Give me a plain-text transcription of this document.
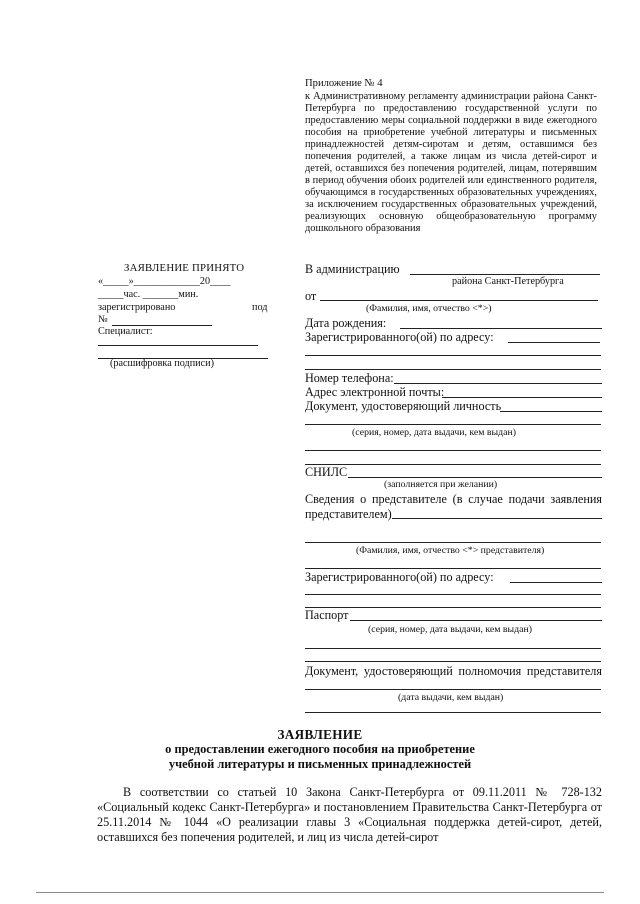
Приложение № 4
к Административному регламенту администрации района Санкт-Петербурга по предоставлению государственной услуги по предоставлению меры социальной поддержки в виде ежегодного пособия на приобретение учебной литературы и письменных принадлежностей детям-сиротам и детям, оставшимся без попечения родителей, а также лицам из числа детей-сирот и детей, оставшихся без попечения родителей, лицам, потерявшим в период обучения обоих родителей или единственного родителя, обучающимся в государственных образовательных учреждениях, за исключением государственных образовательных учреждений, реализующих основную общеобразовательную программу дошкольного образования
ЗАЯВЛЕНИЕ ПРИНЯТО
«_____»_____________20____
_____час. _______мин.
зарегистрировано	под
№
Специалист:
(расшифровка подписи)
В администрацию
района Санкт-Петербурга
от
(Фамилия, имя, отчество <*>)
Дата рождения:
Зарегистрированного(ой) по адресу:
Номер телефона:
Адрес электронной почты:
Документ, удостоверяющий личность
(серия, номер, дата выдачи, кем выдан)
СНИЛС
(заполняется при желании)
Сведения о представителе (в случае подачи заявления представителем)
(Фамилия, имя, отчество <*> представителя)
Зарегистрированного(ой) по адресу:
Паспорт
(серия, номер, дата выдачи, кем выдан)
Документ, удостоверяющий полномочия представителя
(дата выдачи, кем выдан)
ЗАЯВЛЕНИЕ
о предоставлении ежегодного пособия на приобретение
учебной литературы и письменных принадлежностей
В соответствии со статьей 10 Закона Санкт-Петербурга от 09.11.2011 № 728-132 «Социальный кодекс Санкт-Петербурга» и постановлением Правительства Санкт-Петербурга от 25.11.2014 № 1044 «О реализации главы 3 «Социальная поддержка детей-сирот, детей, оставшихся без попечения родителей, и лиц из числа детей-сирот
